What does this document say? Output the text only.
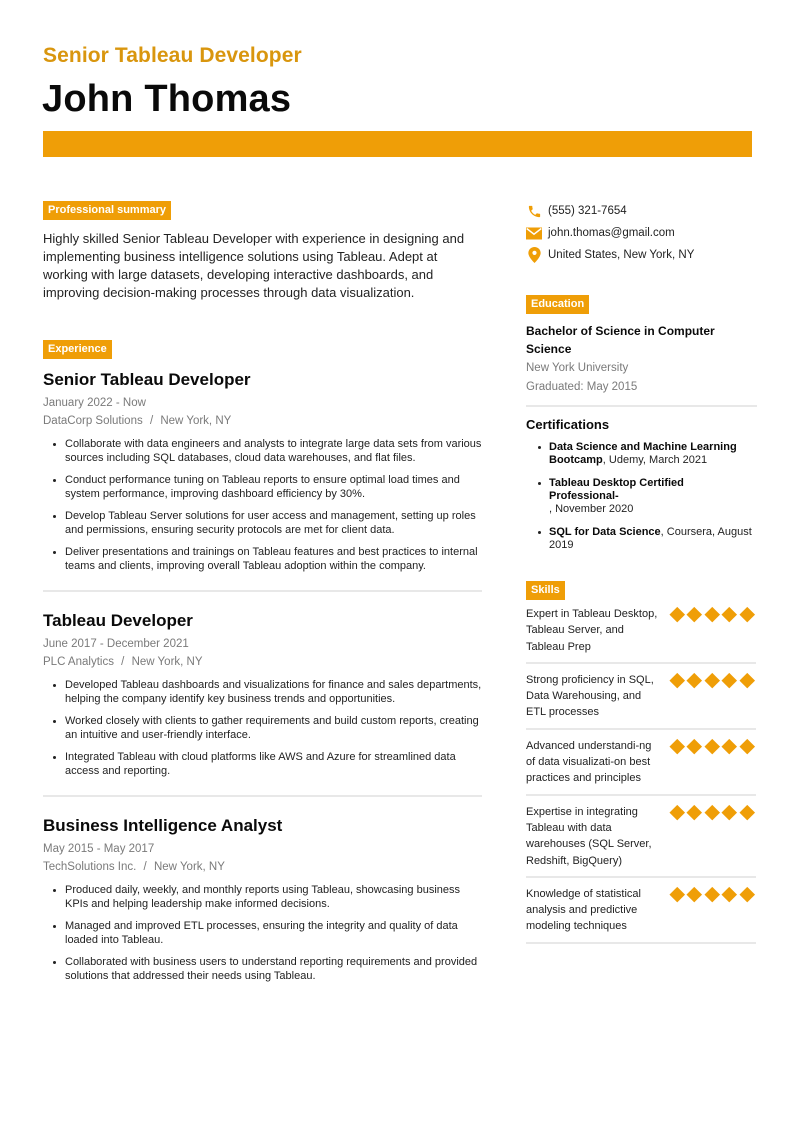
Senior Tableau Developer
John Thomas
Professional summary

Highly skilled Senior Tableau Developer with experience in designing and implementing business intelligence solutions using Tableau. Adept at working with large datasets, developing interactive dashboards, and improving decision-making processes through data visualization.

Experience
Senior Tableau Developer
January 2022 - Now
DataCorp Solutions / New York, NY
Collaborate with data engineers and analysts to integrate large data sets from various sources including SQL databases, cloud data warehouses, and flat files.
Conduct performance tuning on Tableau reports to ensure optimal load times and system performance, improving dashboard efficiency by 30%.
Develop Tableau Server solutions for user access and management, setting up roles and permissions, ensuring security protocols are met for client data.
Deliver presentations and trainings on Tableau features and best practices to internal teams and clients, improving overall Tableau adoption within the company.
Tableau Developer
June 2017 - December 2021
PLC Analytics / New York, NY
Developed Tableau dashboards and visualizations for finance and sales departments, helping the company identify key business trends and opportunities.
Worked closely with clients to gather requirements and build custom reports, creating an intuitive and user-friendly interface.
Integrated Tableau with cloud platforms like AWS and Azure for streamlined data access and reporting.
Business Intelligence Analyst
May 2015 - May 2017
TechSolutions Inc. / New York, NY
Produced daily, weekly, and monthly reports using Tableau, showcasing business KPIs and helping leadership make informed decisions.
Managed and improved ETL processes, ensuring the integrity and quality of data loaded into Tableau.
Collaborated with business users to understand reporting requirements and provided solutions that addressed their needs using Tableau.
(555) 321-7654
john.thomas@gmail.com
United States, New York, NY
Education
Bachelor of Science in Computer Science
New York University
Graduated: May 2015
Certifications
Data Science and Machine Learning Bootcamp, Udemy, March 2021
Tableau Desktop Certified Professional-
, November 2020
SQL for Data Science, Coursera, August 2019
Skills
Expert in Tableau Desktop, Tableau Server, and Tableau Prep
Strong proficiency in SQL, Data Warehousing, and ETL processes
Advanced understandi-ng of data visualizati-on best practices and principles
Expertise in integrating Tableau with data warehouses (SQL Server, Redshift, BigQuery)
Knowledge of statistical analysis and predictive modeling techniques
